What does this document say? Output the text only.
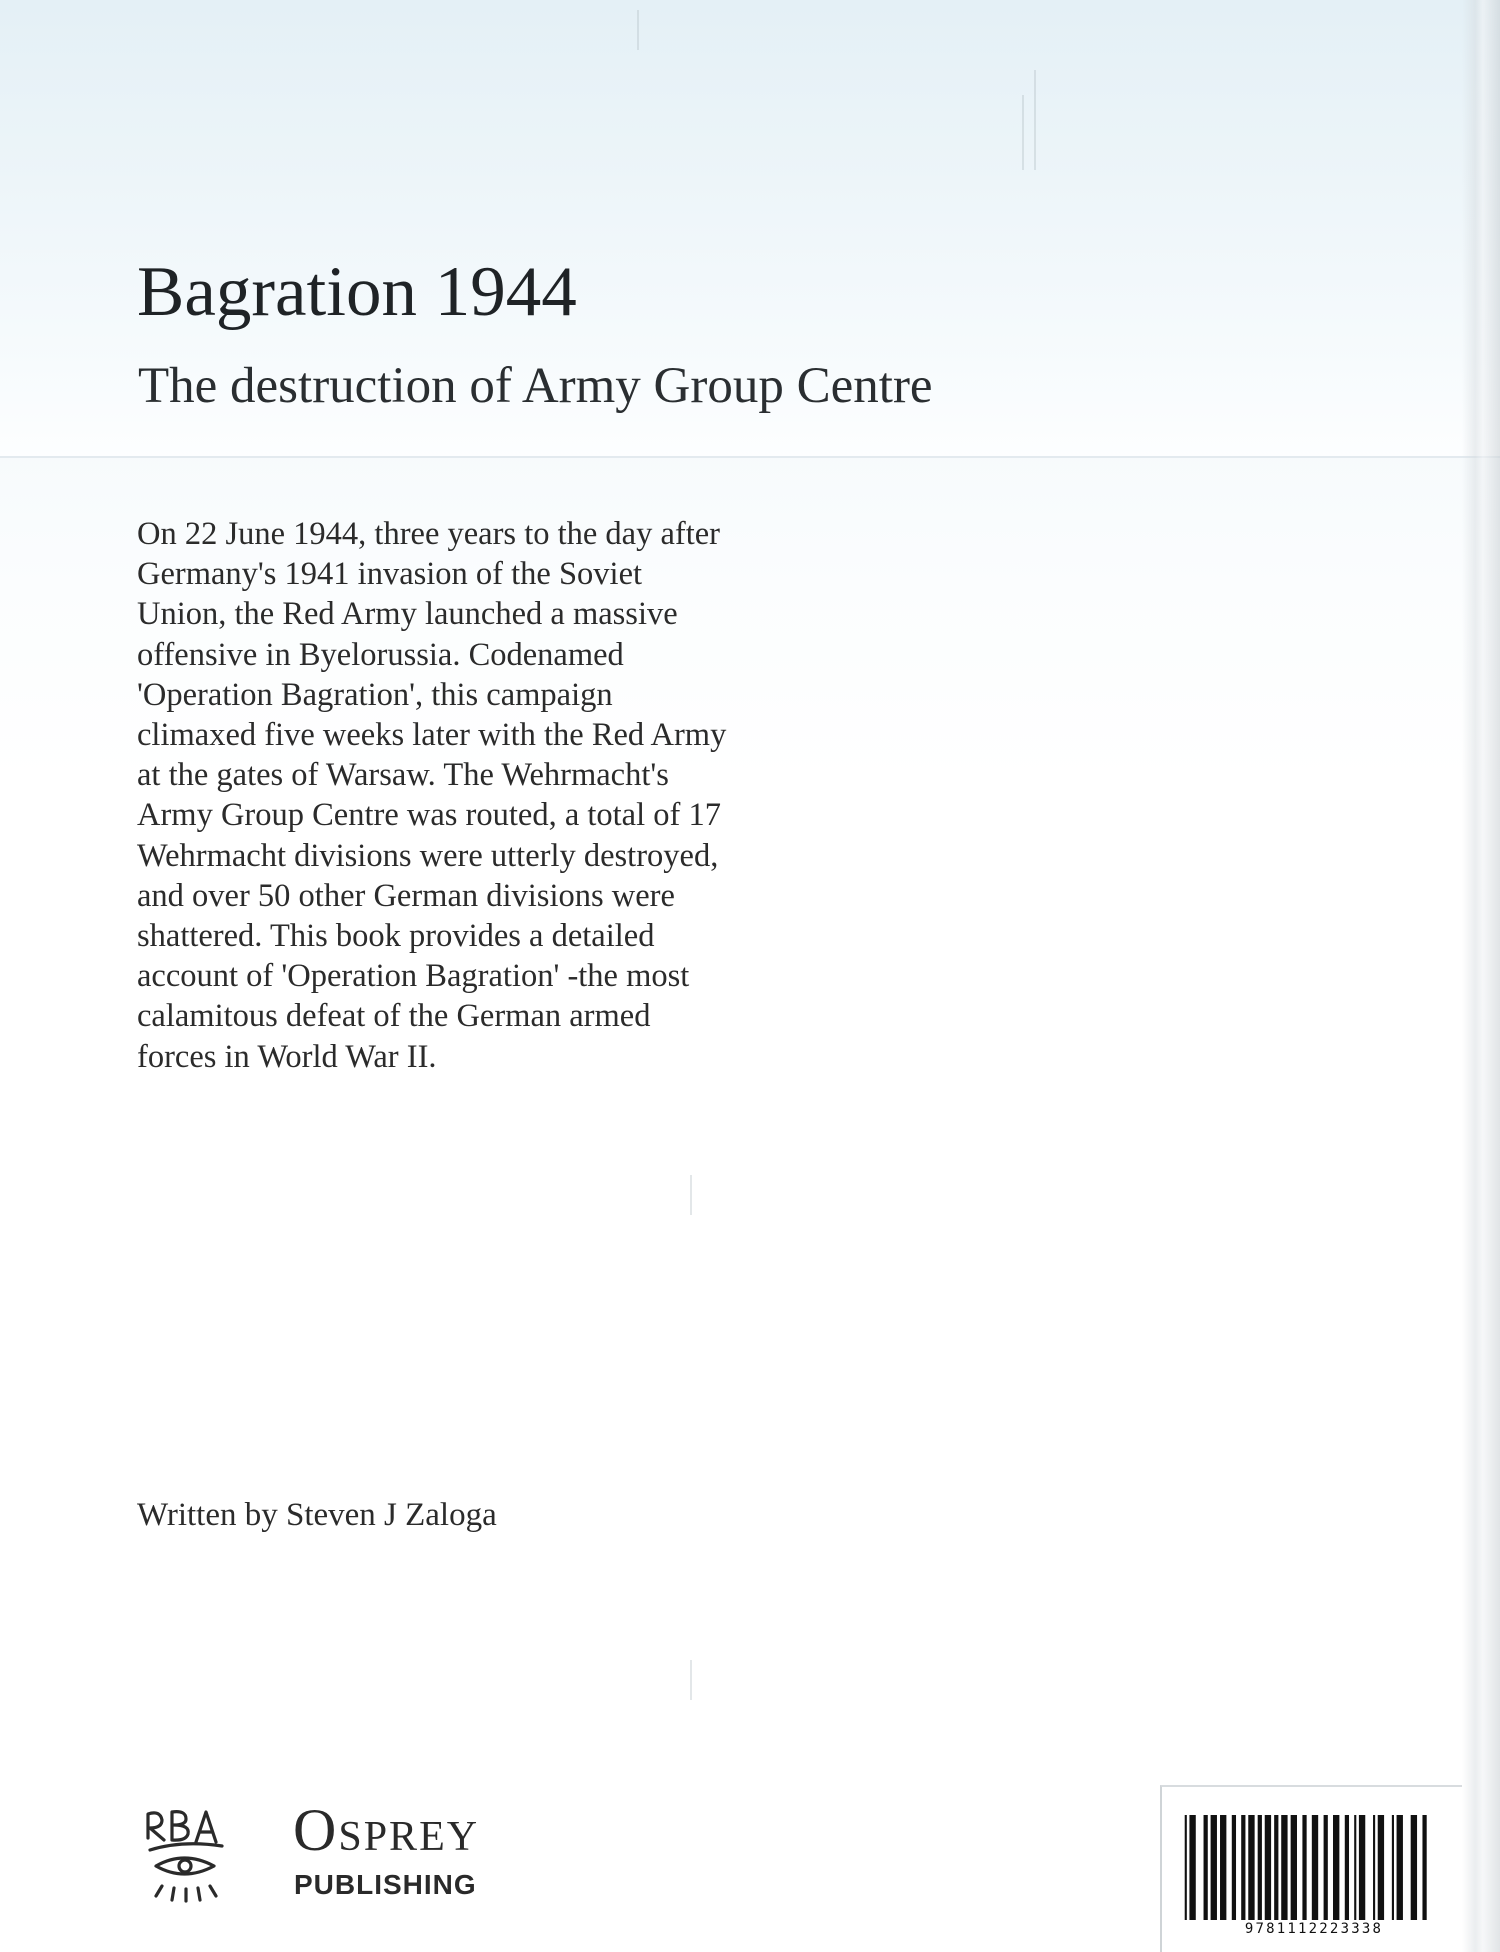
Bagration 1944
The destruction of Army Group Centre
On 22 June 1944, three years to the day after
Germany's 1941 invasion of the Soviet
Union, the Red Army launched a massive
offensive in Byelorussia. Codenamed
'Operation Bagration', this campaign
climaxed five weeks later with the Red Army
at the gates of Warsaw. The Wehrmacht's
Army Group Centre was routed, a total of 17
Wehrmacht divisions were utterly destroyed,
and over 50 other German divisions were
shattered. This book provides a detailed
account of 'Operation Bagration' -the most
calamitous defeat of the German armed
forces in World War II.
Written by Steven J Zaloga
OSPREY
PUBLISHING
9781112223338
